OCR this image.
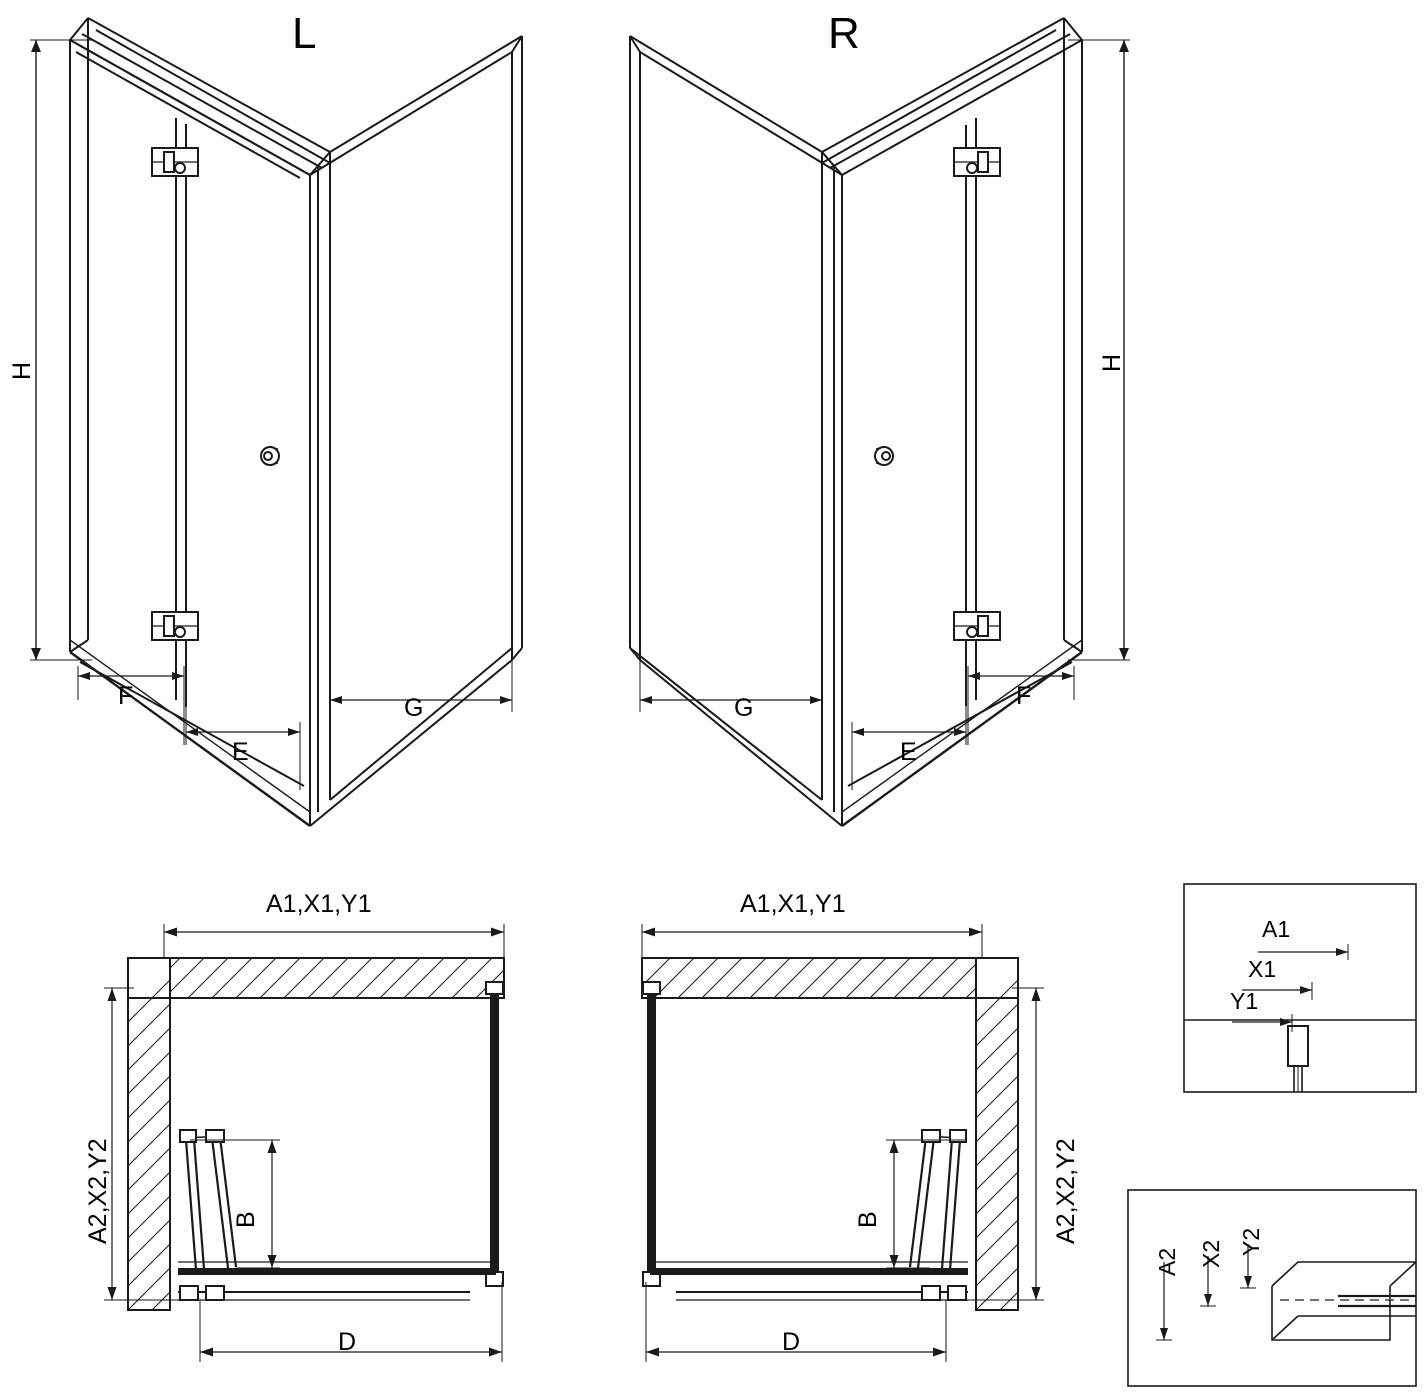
L	R
H	H
F
E
G	G
E
F
A1,X1,Y1
A2,X2,Y2	B
D
A1,X1,Y1
A2,X2,Y2
B
D
A1
X1
Y1
A2 X2 Y2
